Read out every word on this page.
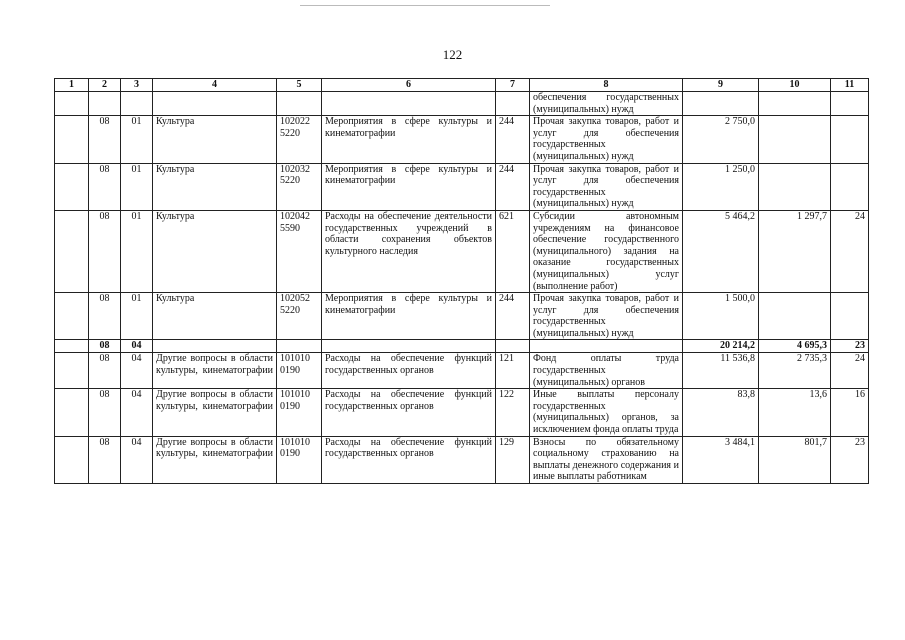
122
1	2	3	4	5	6	7	8	9	10	11
							обеспечения государственных (муниципальных) нужд			
	08	01	Культура	102022 5220	Мероприятия в сфере культуры и кинематографии	244	Прочая закупка товаров, работ и услуг для обеспечения государственных (муниципальных) нужд	2 750,0		
	08	01	Культура	102032 5220	Мероприятия в сфере культуры и кинематографии	244	Прочая закупка товаров, работ и услуг для обеспечения государственных (муниципальных) нужд	1 250,0		
	08	01	Культура	102042 5590	Расходы на обеспечение деятельности государственных учреждений в области сохранения объектов культурного наследия	621	Субсидии автономным учреждениям на финансовое обеспечение государственного (муниципального) задания на оказание государственных (муниципальных) услуг (выполнение работ)	5 464,2	1 297,7	24
	08	01	Культура	102052 5220	Мероприятия в сфере культуры и кинематографии	244	Прочая закупка товаров, работ и услуг для обеспечения государственных (муниципальных) нужд	1 500,0		
	08	04						20 214,2	4 695,3	23
	08	04	Другие вопросы в области культуры, кинематографии	101010 0190	Расходы на обеспечение функций государственных органов	121	Фонд оплаты труда государственных (муниципальных) органов	11 536,8	2 735,3	24
	08	04	Другие вопросы в области культуры, кинематографии	101010 0190	Расходы на обеспечение функций государственных органов	122	Иные выплаты персоналу государственных (муниципальных) органов, за исключением фонда оплаты труда	83,8	13,6	16
	08	04	Другие вопросы в области культуры, кинематографии	101010 0190	Расходы на обеспечение функций государственных органов	129	Взносы по обязательному социальному страхованию на выплаты денежного содержания и иные выплаты работникам	3 484,1	801,7	23
